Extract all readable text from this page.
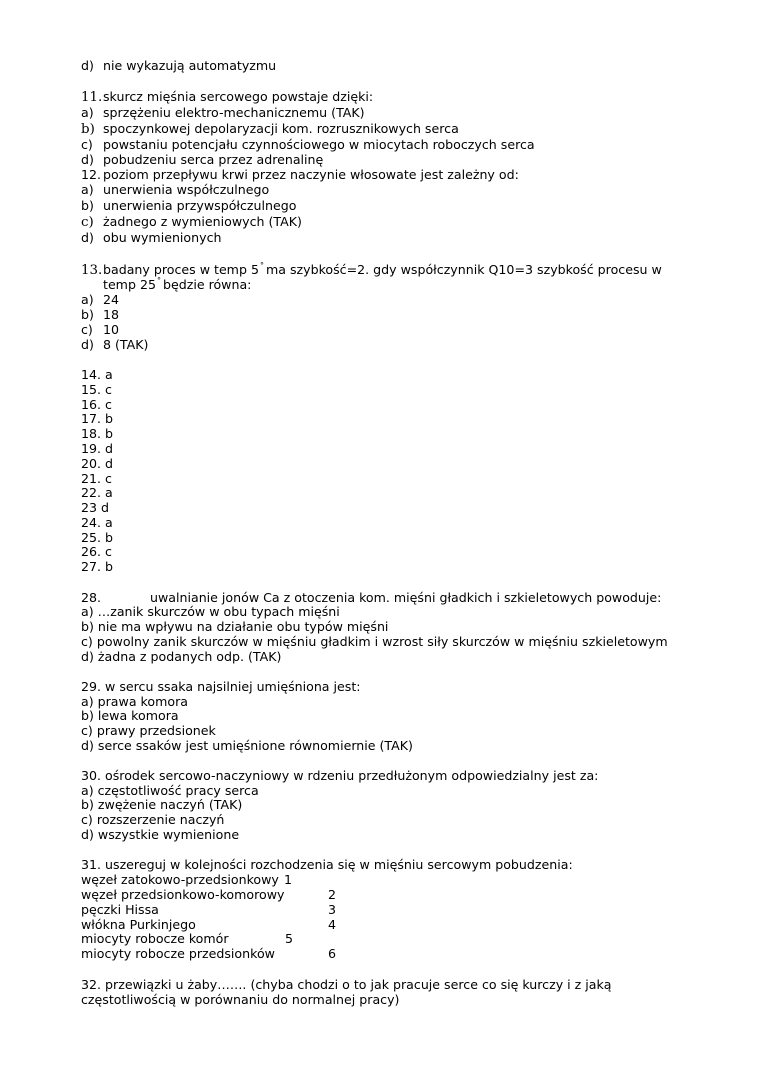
d) nie wykazują automatyzmu
11.skurcz mięśnia sercowego powstaje dzięki:
a) sprzężeniu elektro-mechanicznemu (TAK)
b) spoczynkowej depolaryzacji kom. rozrusznikowych serca
c) powstaniu potencjału czynnościowego w miocytach roboczych serca
d) pobudzeniu serca przez adrenalinę
12. poziom przepływu krwi przez naczynie włosowate jest zależny od:
a) unerwienia współczulnego
b) unerwienia przywspółczulnego
c) żadnego z wymieniowych (TAK)
d) obu wymienionych
13.badany proces w temp 5° ma szybkość=2. gdy współczynnik Q10=3 szybkość procesu w
temp 25° będzie równa:
a) 24
b) 18
c) 10
d) 8 (TAK)
14. a
15. c
16. c
17. b
18. b
19. d
20. d
21. c
22. a
23 d
24. a
25. b
26. c
27. b
28.	uwalnianie jonów Ca z otoczenia kom. mięśni gładkich i szkieletowych powoduje:
a) …zanik skurczów w obu typach mięśni
b) nie ma wpływu na działanie obu typów mięśni
c) powolny zanik skurczów w mięśniu gładkim i wzrost siły skurczów w mięśniu szkieletowym
d) żadna z podanych odp. (TAK)
29. w sercu ssaka najsilniej umięśniona jest:
a) prawa komora
b) lewa komora
c) prawy przedsionek
d) serce ssaków jest umięśnione równomiernie (TAK)
30. ośrodek sercowo-naczyniowy w rdzeniu przedłużonym odpowiedzialny jest za:
a) częstotliwość pracy serca
b) zwężenie naczyń (TAK)
c) rozszerzenie naczyń
d) wszystkie wymienione
31. uszereguj w kolejności rozchodzenia się w mięśniu sercowym pobudzenia:
węzeł zatokowo-przedsionkowy 1
węzeł przedsionkowo-komorowy	2
pęczki Hissa	3
włókna Purkinjego	4
miocyty robocze komór	5
miocyty robocze przedsionków	6
32. przewiązki u żaby……. (chyba chodzi o to jak pracuje serce co się kurczy i z jaką
częstotliwością w porównaniu do normalnej pracy)
